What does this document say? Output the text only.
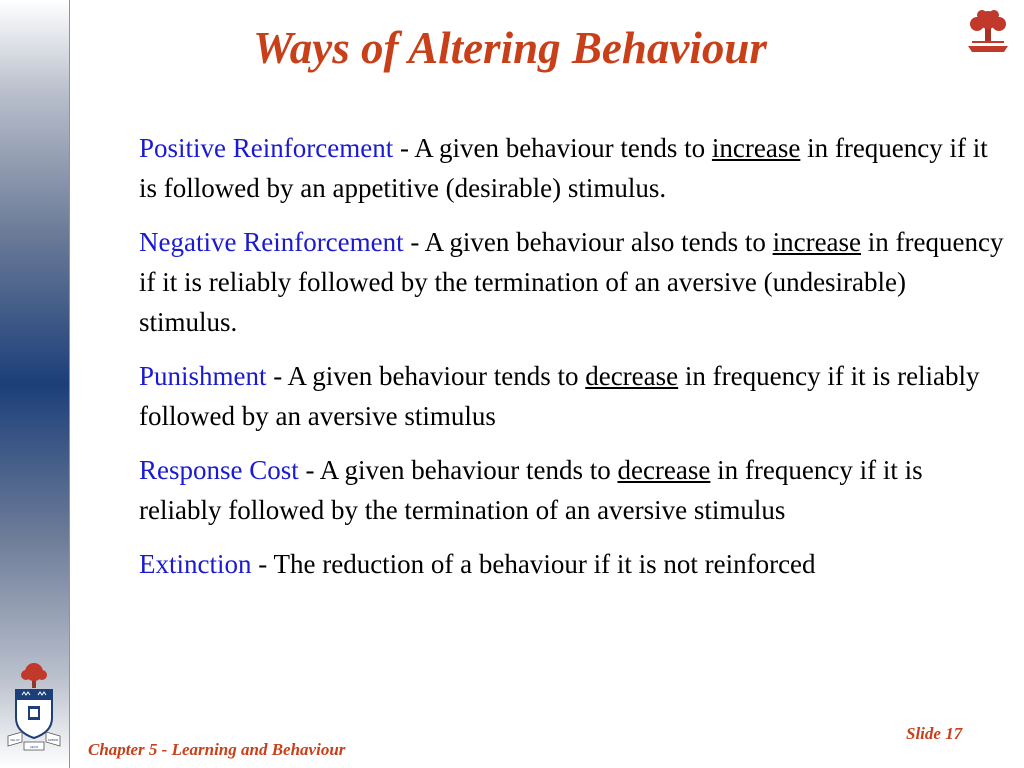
VELUT	ARBOR
AEVO
Ways of Altering Behaviour

Positive Reinforcement - A given behaviour tends to increase in frequency if it is followed by an appetitive (desirable) stimulus.

Negative Reinforcement - A given behaviour also tends to increase in frequency if it is reliably followed by the termination of an aversive (undesirable) stimulus.

Punishment - A given behaviour tends to decrease in frequency if it is reliably followed by an aversive stimulus

Response Cost - A given behaviour tends to decrease in frequency if it is reliably followed by the termination of an aversive stimulus

Extinction - The reduction of a behaviour if it is not reinforced

Slide 17
Chapter 5 - Learning and Behaviour
